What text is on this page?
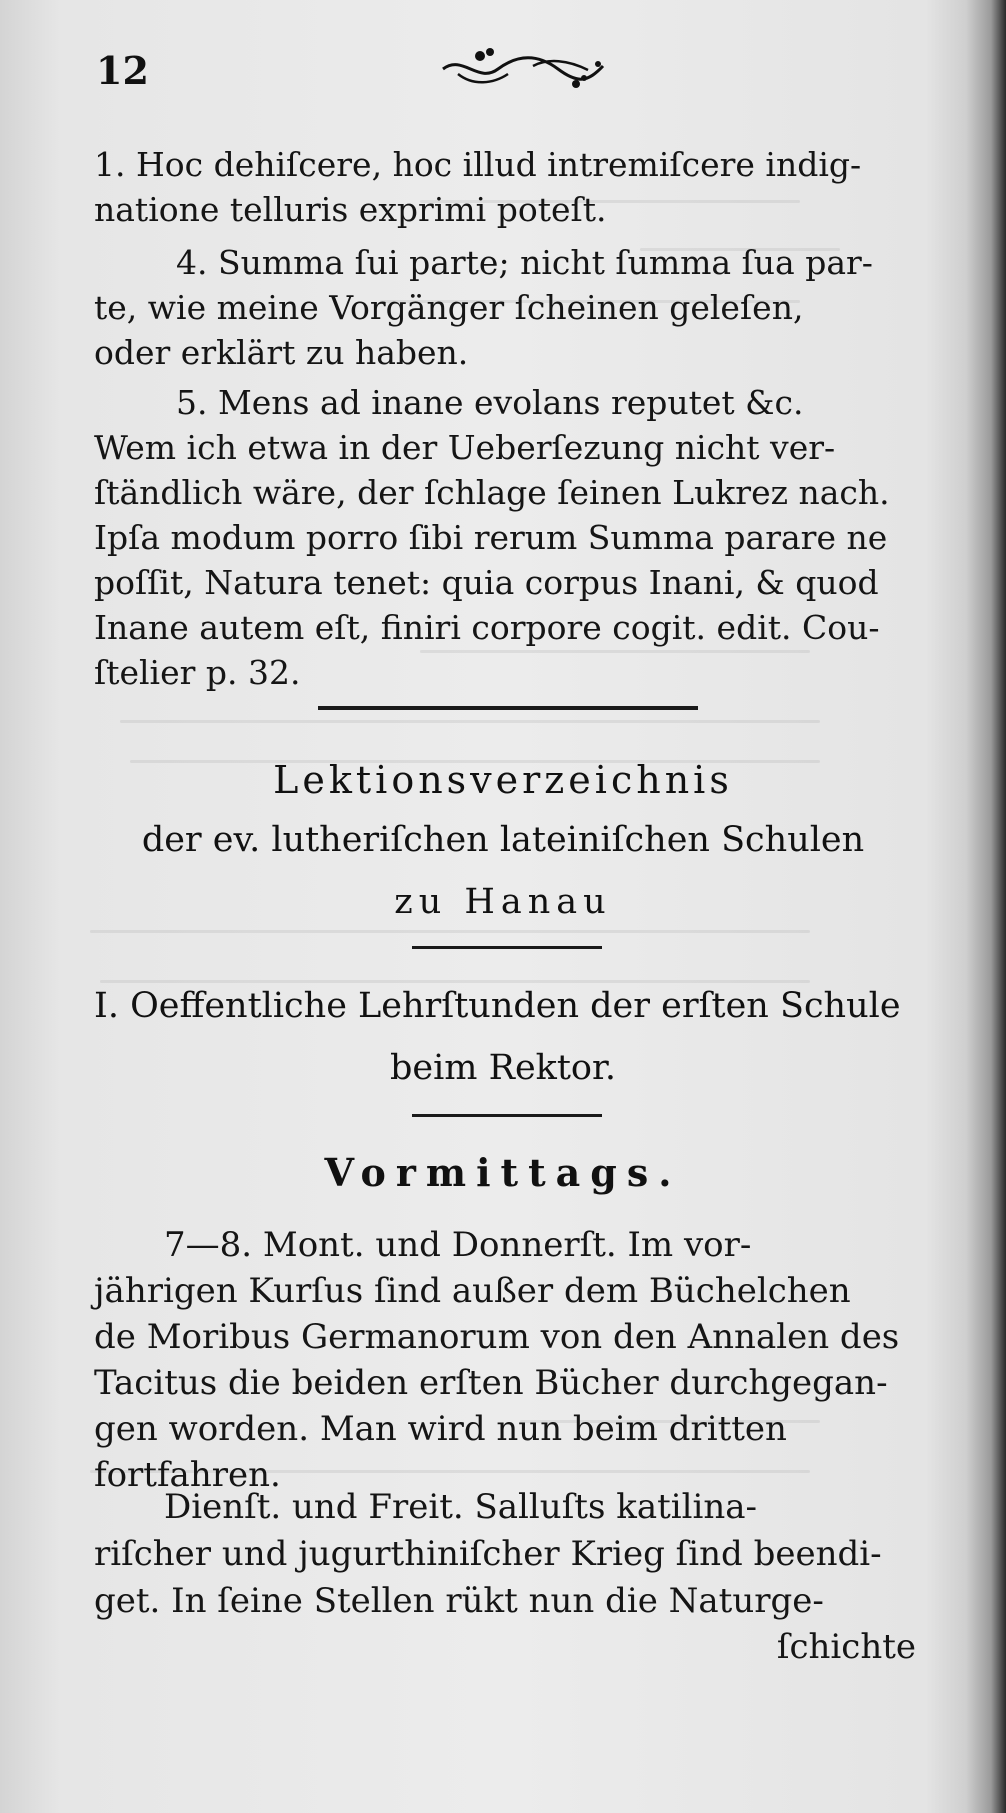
12
1. Hoc dehiſcere, hoc illud intremiſcere indig-
natione telluris exprimi poteſt.
4. Summa ſui parte; nicht ſumma ſua par-
te, wie meine Vorgänger ſcheinen geleſen,
oder erklärt zu haben.
5. Mens ad inane evolans reputet &c.
Wem ich etwa in der Ueberſezung nicht ver-
ſtändlich wäre, der ſchlage ſeinen Lukrez nach.
Ipſa modum porro ſibi rerum Summa parare ne
poſſit, Natura tenet: quia corpus Inani, & quod
Inane autem eſt, finiri corpore cogit. edit. Cou-
ſtelier p. 32.
Lektionsverzeichnis
der ev. lutheriſchen lateiniſchen Schulen
zu Hanau
I. Oeffentliche Lehrſtunden der erſten Schule
beim Rektor.
Vormittags.
7—8. Mont. und Donnerſt. Im vor-
jährigen Kurſus ſind außer dem Büchelchen
de Moribus Germanorum von den Annalen des
Tacitus die beiden erſten Bücher durchgegan-
gen worden. Man wird nun beim dritten
fortfahren.
Dienſt. und Freit. Salluſts katilina-
riſcher und jugurthiniſcher Krieg ſind beendi-
get. In ſeine Stellen rükt nun die Naturge-
ſchichte
